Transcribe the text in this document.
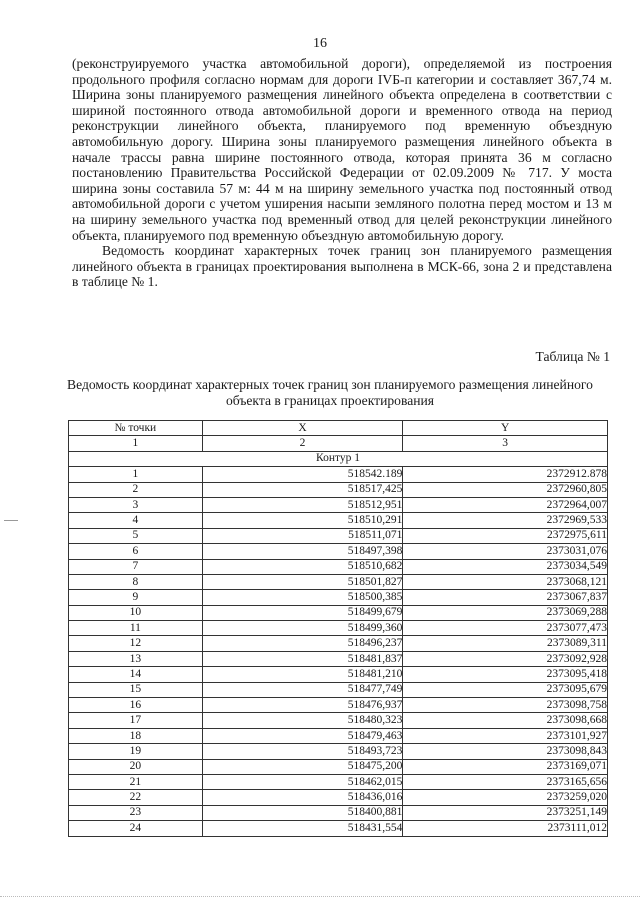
16

(реконструируемого участка автомобильной дороги), определяемой из построения продольного профиля согласно нормам для дороги IVБ-п категории и составляет 367,74 м. Ширина зоны планируемого размещения линейного объекта определена в соответствии с шириной постоянного отвода автомобильной дороги и временного отвода на период реконструкции линейного объекта, планируемого под временную объездную автомобильную дорогу. Ширина зоны планируемого размещения линейного объекта в начале трассы равна ширине постоянного отвода, которая принята 36 м согласно постановлению Правительства Российской Федерации от 02.09.2009 № 717. У моста ширина зоны составила 57 м: 44 м на ширину земельного участка под постоянный отвод автомобильной дороги с учетом уширения насыпи земляного полотна перед мостом и 13 м на ширину земельного участка под временный отвод для целей реконструкции линейного объекта, планируемого под временную объездную автомобильную дорогу.

Ведомость координат характерных точек границ зон планируемого размещения линейного объекта в границах проектирования выполнена в МСК-66, зона 2 и представлена в таблице № 1.

Таблица № 1
Ведомость координат характерных точек границ зон планируемого размещения линейного объекта в границах проектирования
№ точки	X	Y
1	2	3
Контур 1		
1	518542.189	2372912.878
2	518517,425	2372960,805
3	518512,951	2372964,007
4	518510,291	2372969,533
5	518511,071	2372975,611
6	518497,398	2373031,076
7	518510,682	2373034,549
8	518501,827	2373068,121
9	518500,385	2373067,837
10	518499,679	2373069,288
11	518499,360	2373077,473
12	518496,237	2373089,311
13	518481,837	2373092,928
14	518481,210	2373095,418
15	518477,749	2373095,679
16	518476,937	2373098,758
17	518480,323	2373098,668
18	518479,463	2373101,927
19	518493,723	2373098,843
20	518475,200	2373169,071
21	518462,015	2373165,656
22	518436,016	2373259,020
23	518400,881	2373251,149
24	518431,554	2373111,012
